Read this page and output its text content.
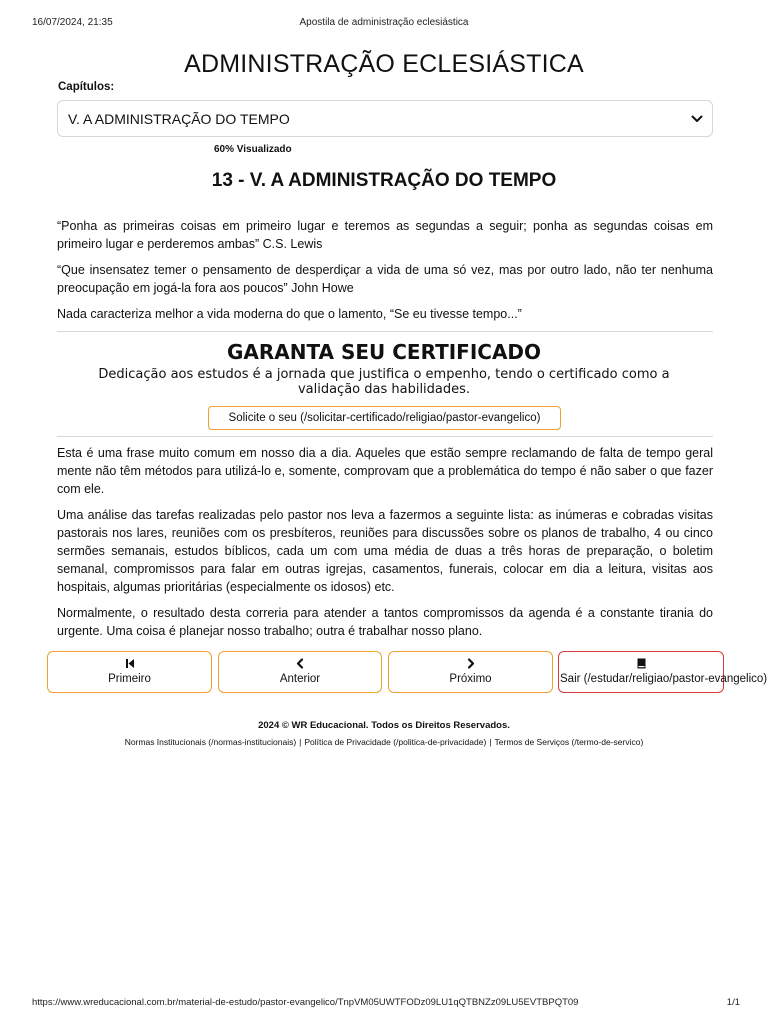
Apostila de administração eclesiástica
16/07/2024, 21:35
ADMINISTRAÇÃO ECLESIÁSTICA
Capítulos:
V. A ADMINISTRAÇÃO DO TEMPO
60% Visualizado
13 - V. A ADMINISTRAÇÃO DO TEMPO

“Ponha as primeiras coisas em primeiro lugar e teremos as segundas a seguir; ponha as segundas coisas em primeiro lugar e perderemos ambas” C.S. Lewis

“Que insensatez temer o pensamento de desperdiçar a vida de uma só vez, mas por outro lado, não ter nenhuma preocupação em jogá-la fora aos poucos” John Howe

Nada caracteriza melhor a vida moderna do que o lamento, “Se eu tivesse tempo...”

GARANTA SEU CERTIFICADO
Dedicação aos estudos é a jornada que justifica o empenho, tendo o certificado como a validação das habilidades.
Solicite o seu (/solicitar-certificado/religiao/pastor-evangelico)

Esta é uma frase muito comum em nosso dia a dia. Aqueles que estão sempre reclamando de falta de tempo geral mente não têm métodos para utilizá-lo e, somente, comprovam que a problemática do tempo é não saber o que fazer com ele.

Uma análise das tarefas realizadas pelo pastor nos leva a fazermos a seguinte lista: as inúmeras e cobradas visitas pastorais nos lares, reuniões com os presbíteros, reuniões para discussões sobre os planos de trabalho, 4 ou cinco sermões semanais, estudos bíblicos, cada um com uma média de duas a três horas de preparação, o boletim semanal, compromissos para falar em outras igrejas, casamentos, funerais, colocar em dia a leitura, visitas aos hospitais, algumas prioritárias (especialmente os idosos) etc.

Normalmente, o resultado desta correria para atender a tantos compromissos da agenda é a constante tirania do urgente. Uma coisa é planejar nosso trabalho; outra é trabalhar nosso plano.

Primeiro	Anterior	Próximo	Sair (/estudar/religiao/pastor-evangelico)
2024 © WR Educacional. Todos os Direitos Reservados.
Normas Institucionais (/normas-institucionais) | Política de Privacidade (/politica-de-privacidade) | Termos de Serviços (/termo-de-servico)
https://www.wreducacional.com.br/material-de-estudo/pastor-evangelico/TnpVM05UWTFODz09LU1qQTBNZz09LU5EVTBPQT09	1/1
